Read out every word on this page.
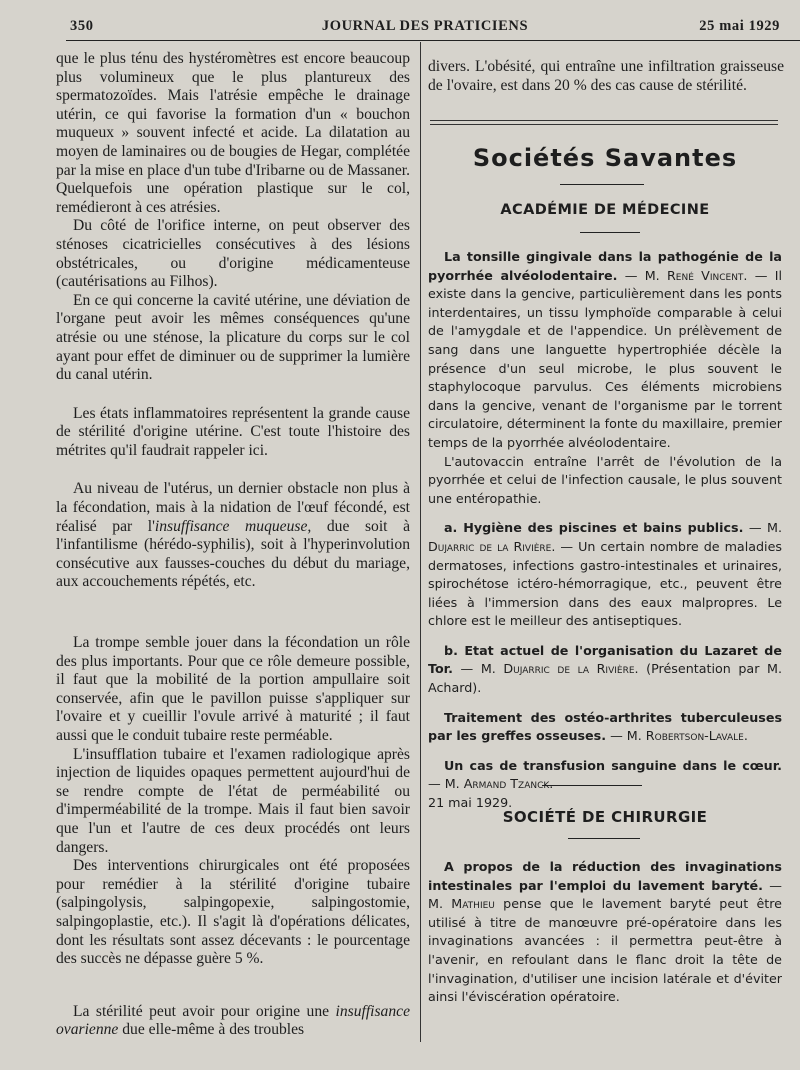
350	JOURNAL DES PRATICIENS	25 mai 1929

que le plus ténu des hystéromètres est encore beaucoup plus volumineux que le plus plantureux des spermatozoïdes. Mais l'atrésie empêche le drainage utérin, ce qui favorise la formation d'un « bouchon muqueux » souvent infecté et acide. La dilatation au moyen de laminaires ou de bougies de Hegar, complétée par la mise en place d'un tube d'Iribarne ou de Massaner. Quelquefois une opération plastique sur le col, remédieront à ces atrésies.

Du côté de l'orifice interne, on peut observer des sténoses cicatricielles consécutives à des lésions obstétricales, ou d'origine médicamenteuse (cautérisations au Filhos).

En ce qui concerne la cavité utérine, une déviation de l'organe peut avoir les mêmes conséquences qu'une atrésie ou une sténose, la plicature du corps sur le col ayant pour effet de diminuer ou de supprimer la lumière du canal utérin.

Les états inflammatoires représentent la grande cause de stérilité d'origine utérine. C'est toute l'histoire des métrites qu'il faudrait rappeler ici.

Au niveau de l'utérus, un dernier obstacle non plus à la fécondation, mais à la nidation de l'œuf fécondé, est réalisé par l'insuffisance muqueuse, due soit à l'infantilisme (hérédo-syphilis), soit à l'hyperinvolution consécutive aux fausses-couches du début du mariage, aux accouchements répétés, etc.

La trompe semble jouer dans la fécondation un rôle des plus importants. Pour que ce rôle demeure possible, il faut que la mobilité de la portion ampullaire soit conservée, afin que le pavillon puisse s'appliquer sur l'ovaire et y cueillir l'ovule arrivé à maturité ; il faut aussi que le conduit tubaire reste perméable.

L'insufflation tubaire et l'examen radiologique après injection de liquides opaques permettent aujourd'hui de se rendre compte de l'état de perméabilité ou d'imperméabilité de la trompe. Mais il faut bien savoir que l'un et l'autre de ces deux procédés ont leurs dangers.

Des interventions chirurgicales ont été proposées pour remédier à la stérilité d'origine tubaire (salpingolysis, salpingopexie, salpingostomie, salpingoplastie, etc.). Il s'agit là d'opérations délicates, dont les résultats sont assez décevants : le pourcentage des succès ne dépasse guère 5 %.

La stérilité peut avoir pour origine une insuffisance ovarienne due elle-même à des troubles

divers. L'obésité, qui entraîne une infiltration graisseuse de l'ovaire, est dans 20 % des cas cause de stérilité.

Sociétés Savantes
ACADÉMIE DE MÉDECINE

La tonsille gingivale dans la pathogénie de la pyorrhée alvéolodentaire. — M. René Vincent. — Il existe dans la gencive, particulièrement dans les ponts interdentaires, un tissu lymphoïde comparable à celui de l'amygdale et de l'appendice. Un prélèvement de sang dans une languette hypertrophiée décèle la présence d'un seul microbe, le plus souvent le staphylocoque parvulus. Ces éléments microbiens dans la gencive, venant de l'organisme par le torrent circulatoire, déterminent la fonte du maxillaire, premier temps de la pyorrhée alvéolodentaire.

L'autovaccin entraîne l'arrêt de l'évolution de la pyorrhée et celui de l'infection causale, le plus souvent une entéropathie.

a. Hygiène des piscines et bains publics. — M. Dujarric de la Rivière. — Un certain nombre de maladies dermatoses, infections gastro-intestinales et urinaires, spirochétose ictéro-hémorragique, etc., peuvent être liées à l'immersion dans des eaux malpropres. Le chlore est le meilleur des antiseptiques.

b. Etat actuel de l'organisation du Lazaret de Tor. — M. Dujarric de la Rivière. (Présentation par M. Achard).

Traitement des ostéo-arthrites tuberculeuses par les greffes osseuses. — M. Robertson-Lavale.

Un cas de transfusion sanguine dans le cœur. — M. Armand Tzanck.

21 mai 1929.

SOCIÉTÉ DE CHIRURGIE

A propos de la réduction des invaginations intestinales par l'emploi du lavement baryté. — M. Mathieu pense que le lavement baryté peut être utilisé à titre de manœuvre pré-opératoire dans les invaginations avancées : il permettra peut-être à l'avenir, en refoulant dans le flanc droit la tête de l'invagination, d'utiliser une incision latérale et d'éviter ainsi l'éviscération opératoire.
